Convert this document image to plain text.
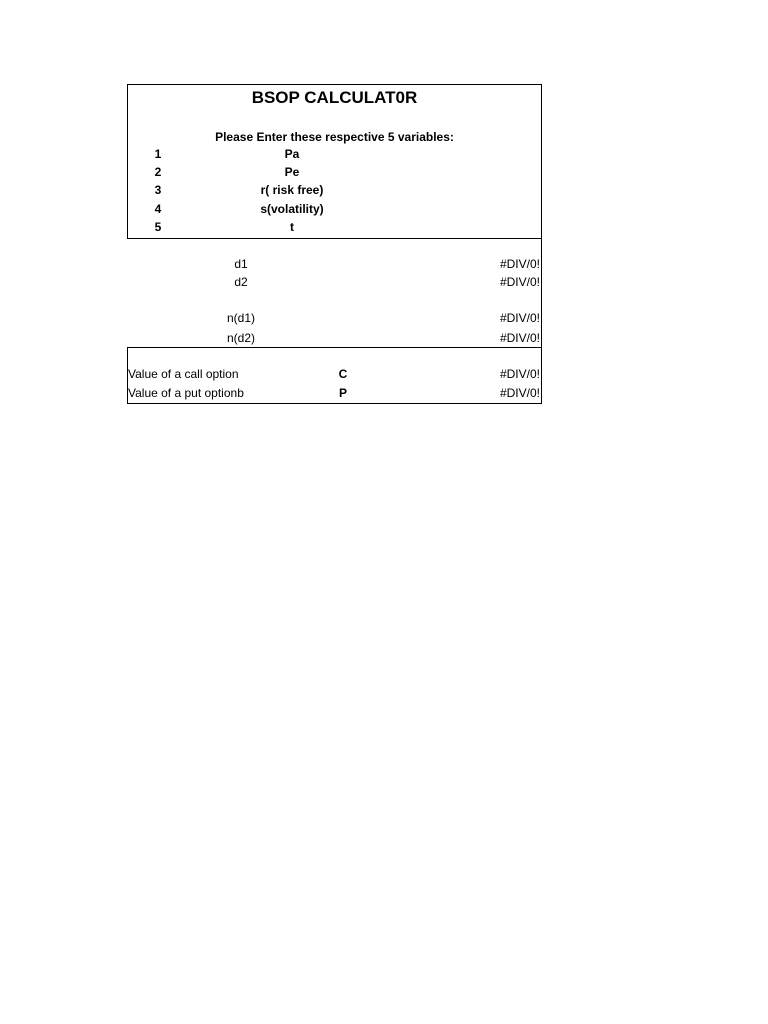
BSOP CALCULAT0R
Please Enter these respective 5 variables:
1	Pa
2	Pe
3	r( risk free)
4	s(volatility)
5	t
d1	#DIV/0!
d2	#DIV/0!
n(d1)	#DIV/0!
n(d2)	#DIV/0!
Value of a call option	C	#DIV/0!
Value of a put optionb	P	#DIV/0!
